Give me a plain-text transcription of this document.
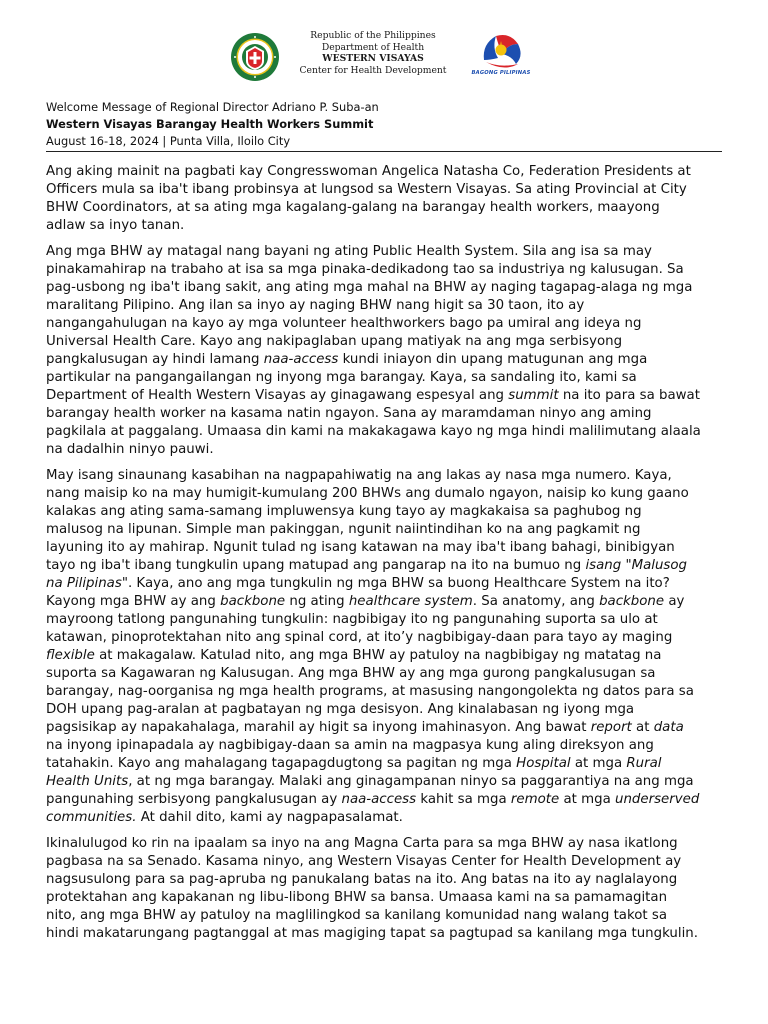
Republic of the Philippines
Department of Health
WESTERN VISAYAS
Center for Health Development	BAGONG PILIPINAS
Welcome Message of Regional Director Adriano P. Suba-an
Western Visayas Barangay Health Workers Summit
August 16-18, 2024 | Punta Villa, Iloilo City

Ang aking mainit na pagbati kay Congresswoman Angelica Natasha Co, Federation Presidents at
Officers mula sa iba't ibang probinsya at lungsod sa Western Visayas. Sa ating Provincial at City
BHW Coordinators, at sa ating mga kagalang-galang na barangay health workers, maayong
adlaw sa inyo tanan.

Ang mga BHW ay matagal nang bayani ng ating Public Health System. Sila ang isa sa may
pinakamahirap na trabaho at isa sa mga pinaka-dedikadong tao sa industriya ng kalusugan. Sa
pag-usbong ng iba't ibang sakit, ang ating mga mahal na BHW ay naging tagapag-alaga ng mga
maralitang Pilipino. Ang ilan sa inyo ay naging BHW nang higit sa 30 taon, ito ay
nangangahulugan na kayo ay mga volunteer healthworkers bago pa umiral ang ideya ng
Universal Health Care. Kayo ang nakipaglaban upang matiyak na ang mga serbisyong
pangkalusugan ay hindi lamang naa-access kundi iniayon din upang matugunan ang mga
partikular na pangangailangan ng inyong mga barangay. Kaya, sa sandaling ito, kami sa
Department of Health Western Visayas ay ginagawang espesyal ang summit na ito para sa bawat
barangay health worker na kasama natin ngayon. Sana ay maramdaman ninyo ang aming
pagkilala at paggalang. Umaasa din kami na makakagawa kayo ng mga hindi malilimutang alaala
na dadalhin ninyo pauwi.

May isang sinaunang kasabihan na nagpapahiwatig na ang lakas ay nasa mga numero. Kaya,
nang maisip ko na may humigit-kumulang 200 BHWs ang dumalo ngayon, naisip ko kung gaano
kalakas ang ating sama-samang impluwensya kung tayo ay magkakaisa sa paghubog ng
malusog na lipunan. Simple man pakinggan, ngunit naiintindihan ko na ang pagkamit ng
layuning ito ay mahirap. Ngunit tulad ng isang katawan na may iba't ibang bahagi, binibigyan
tayo ng iba't ibang tungkulin upang matupad ang pangarap na ito na bumuo ng isang "Malusog
na Pilipinas". Kaya, ano ang mga tungkulin ng mga BHW sa buong Healthcare System na ito?
Kayong mga BHW ay ang backbone ng ating healthcare system. Sa anatomy, ang backbone ay
mayroong tatlong pangunahing tungkulin: nagbibigay ito ng pangunahing suporta sa ulo at
katawan, pinoprotektahan nito ang spinal cord, at ito’y nagbibigay-daan para tayo ay maging
flexible at makagalaw. Katulad nito, ang mga BHW ay patuloy na nagbibigay ng matatag na
suporta sa Kagawaran ng Kalusugan. Ang mga BHW ay ang mga gurong pangkalusugan sa
barangay, nag-oorganisa ng mga health programs, at masusing nangongolekta ng datos para sa
DOH upang pag-aralan at pagbatayan ng mga desisyon. Ang kinalabasan ng iyong mga
pagsisikap ay napakahalaga, marahil ay higit sa inyong imahinasyon. Ang bawat report at data
na inyong ipinapadala ay nagbibigay-daan sa amin na magpasya kung aling direksyon ang
tatahakin. Kayo ang mahalagang tagapagdugtong sa pagitan ng mga Hospital at mga Rural
Health Units, at ng mga barangay. Malaki ang ginagampanan ninyo sa paggarantiya na ang mga
pangunahing serbisyong pangkalusugan ay naa-access kahit sa mga remote at mga underserved
communities. At dahil dito, kami ay nagpapasalamat.

Ikinalulugod ko rin na ipaalam sa inyo na ang Magna Carta para sa mga BHW ay nasa ikatlong
pagbasa na sa Senado. Kasama ninyo, ang Western Visayas Center for Health Development ay
nagsusulong para sa pag-apruba ng panukalang batas na ito. Ang batas na ito ay naglalayong
protektahan ang kapakanan ng libu-libong BHW sa bansa. Umaasa kami na sa pamamagitan
nito, ang mga BHW ay patuloy na maglilingkod sa kanilang komunidad nang walang takot sa
hindi makatarungang pagtanggal at mas magiging tapat sa pagtupad sa kanilang mga tungkulin.
